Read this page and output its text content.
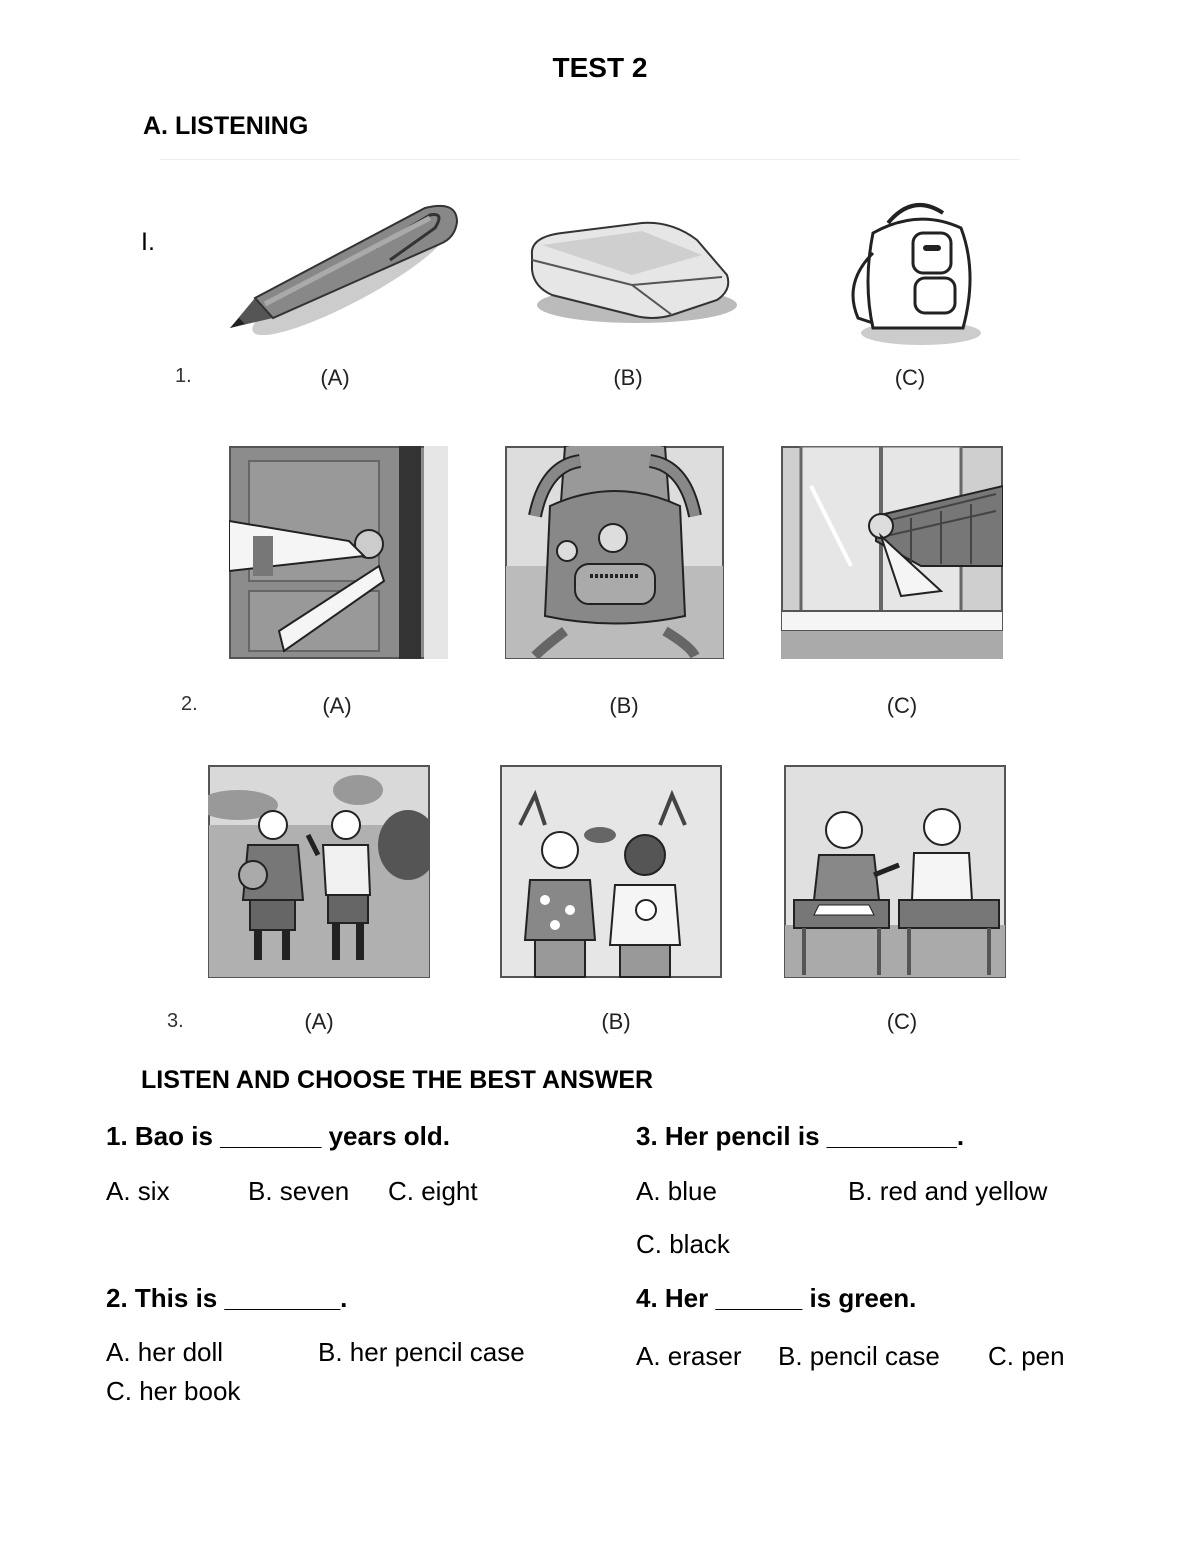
TEST 2
A. LISTENING
I.
1.	(A)	(B)	(C)
2.	(A)	(B)	(C)
3.	(A)	(B)	(C)
LISTEN AND CHOOSE THE BEST ANSWER
1. Bao is _______ years old.
A. six	B. seven C. eight
2. This is ________.
A. her doll	B. her pencil case
C. her book
3. Her pencil is _________.
A. blue	B. red and yellow
C. black
4. Her ______ is green.
A. eraser B. pencil case C. pen
